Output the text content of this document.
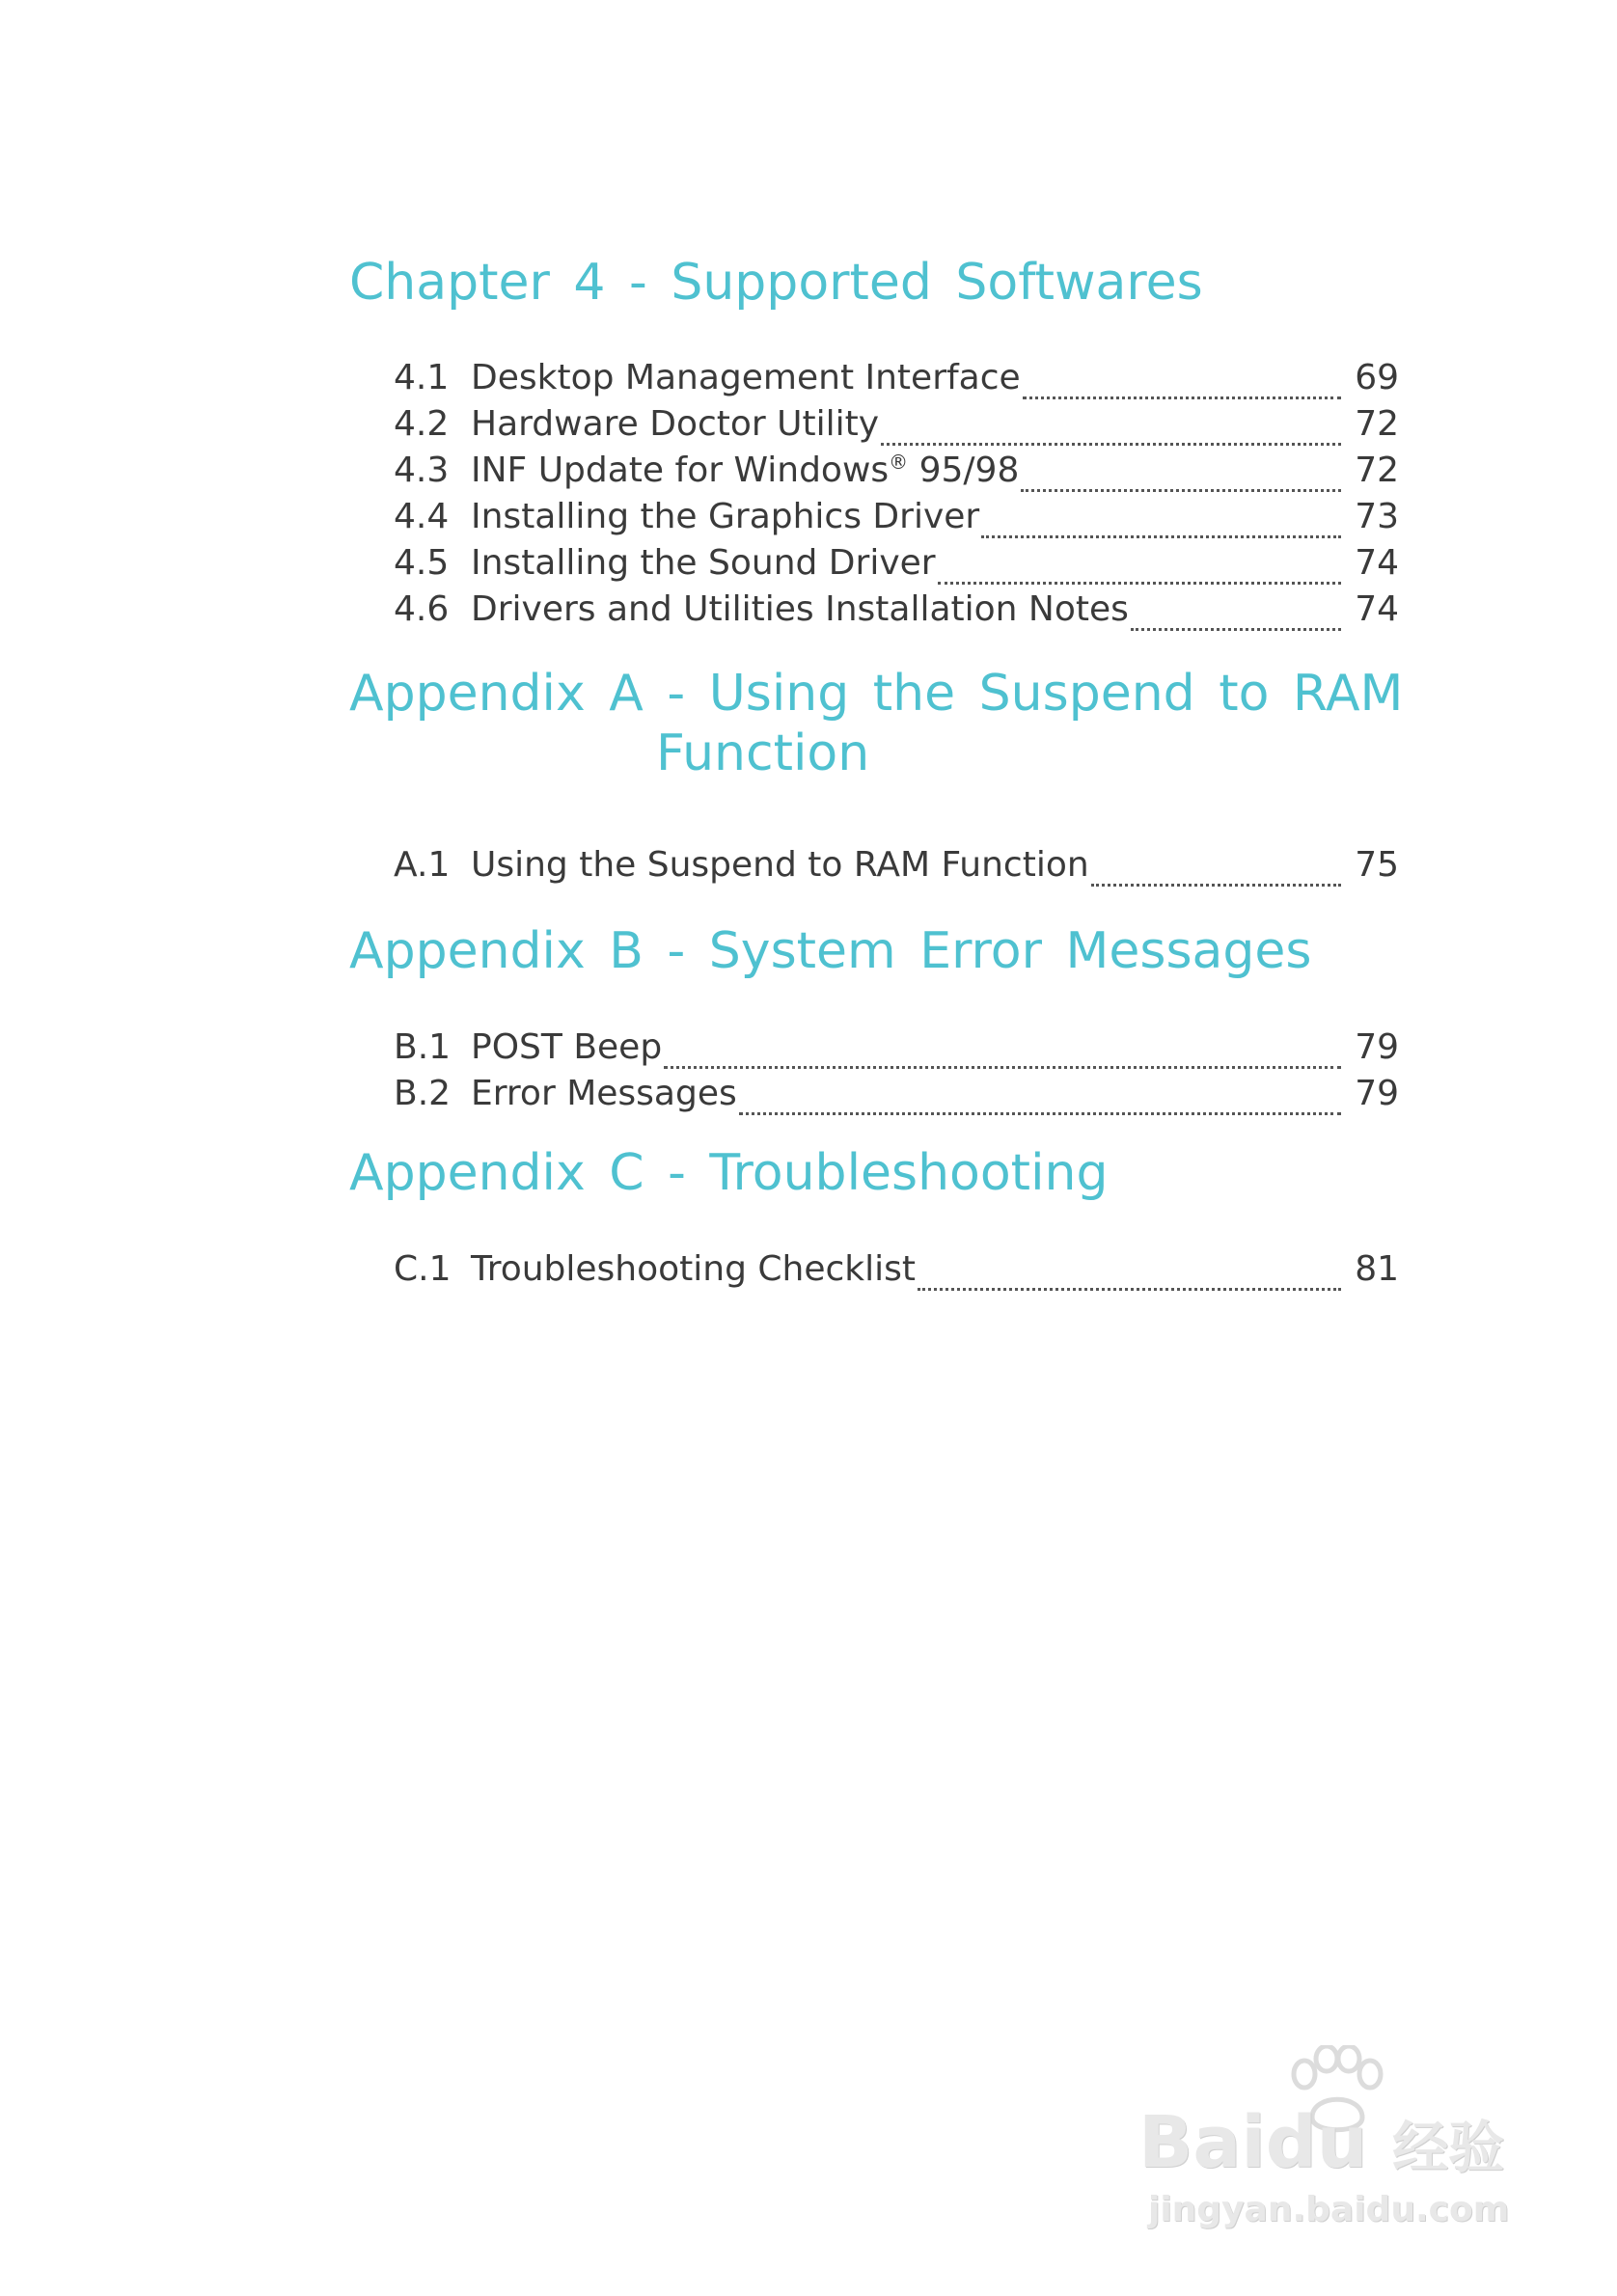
Chapter 4 - Supported Softwares
4.1 Desktop Management Interface	69
4.2 Hardware Doctor Utility	72
4.3 INF Update for Windows® 95/98	72
4.4 Installing the Graphics Driver	73
4.5 Installing the Sound Driver	74
4.6 Drivers and Utilities Installation Notes	74
Appendix A - Using the Suspend to RAM
Function
A.1 Using the Suspend to RAM Function	75
Appendix B - System Error Messages
B.1 POST Beep	79
B.2 Error Messages	79
Appendix C - Troubleshooting
C.1 Troubleshooting Checklist	81
Baidu 经验
jingyan.baidu.com
